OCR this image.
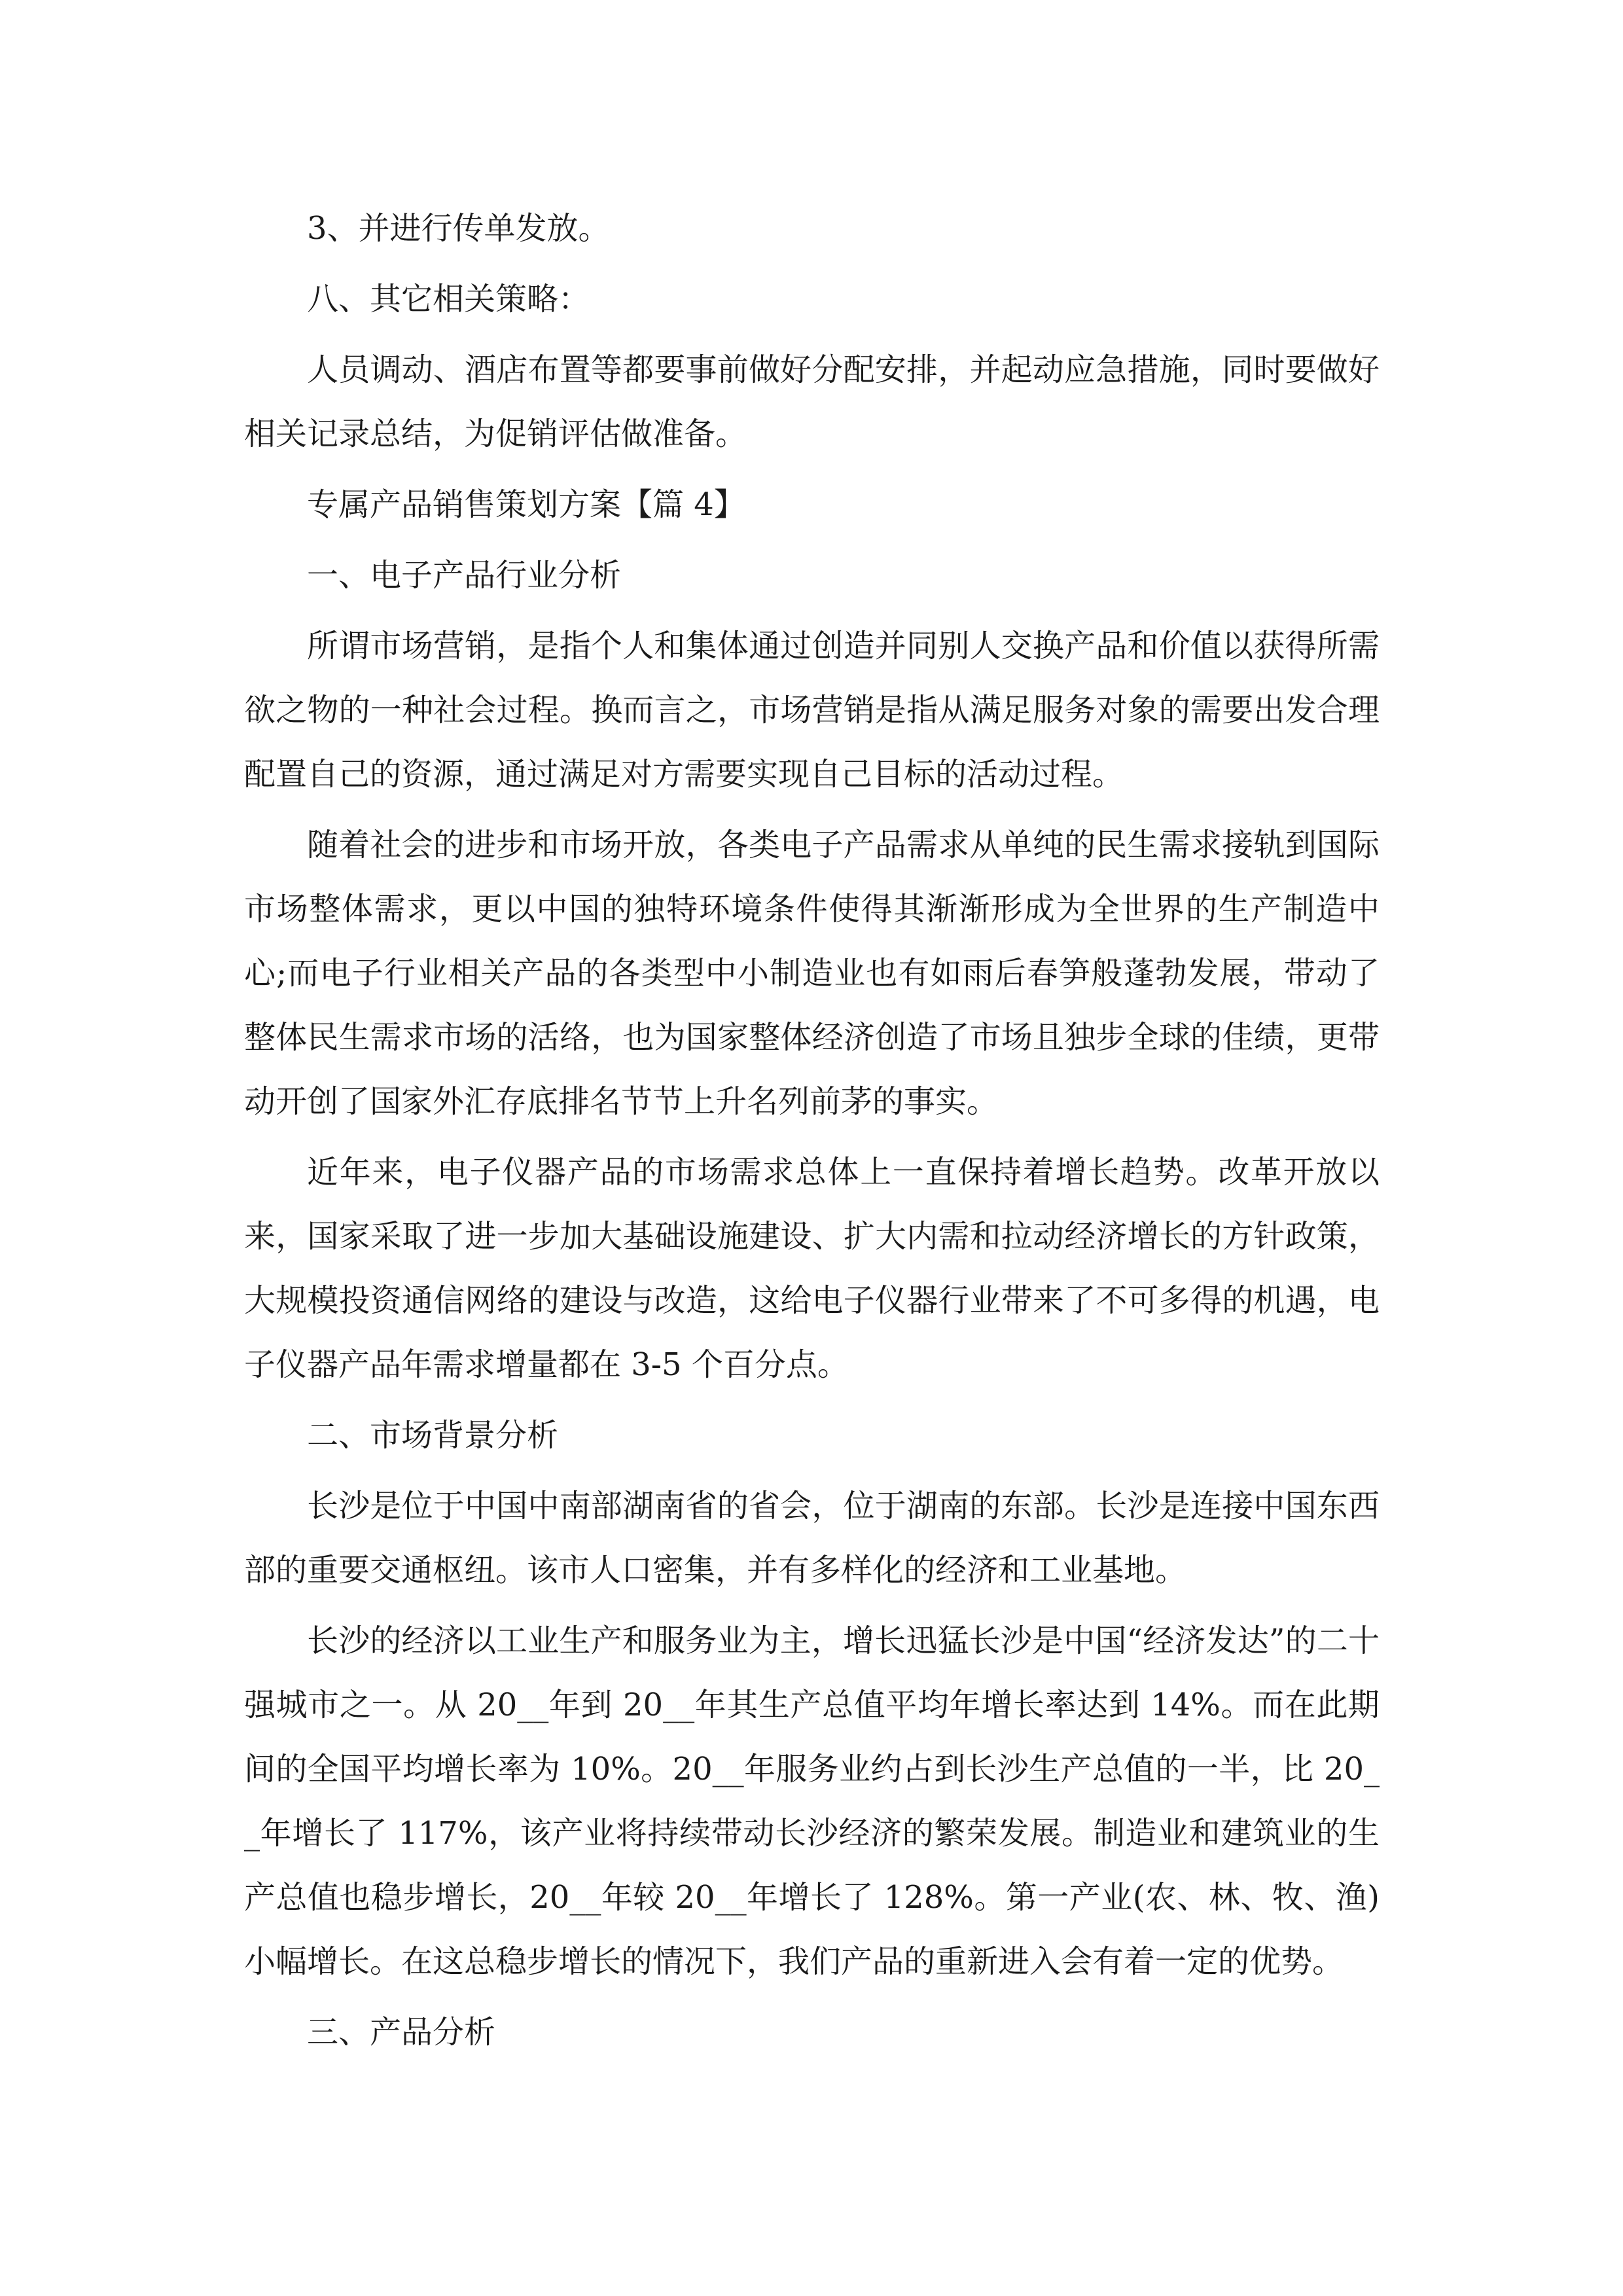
3、并进行传单发放。

八、其它相关策略：

人员调动、酒店布置等都要事前做好分配安排，并起动应急措施，同时要做好相关记录总结，为促销评估做准备。

专属产品销售策划方案【篇 4】

一、电子产品行业分析

所谓市场营销，是指个人和集体通过创造并同别人交换产品和价值以获得所需欲之物的一种社会过程。换而言之，市场营销是指从满足服务对象的需要出发合理配置自己的资源，通过满足对方需要实现自己目标的活动过程。

随着社会的进步和市场开放，各类电子产品需求从单纯的民生需求接轨到国际市场整体需求，更以中国的独特环境条件使得其渐渐形成为全世界的生产制造中心;而电子行业相关产品的各类型中小制造业也有如雨后春笋般蓬勃发展，带动了整体民生需求市场的活络，也为国家整体经济创造了市场且独步全球的佳绩，更带动开创了国家外汇存底排名节节上升名列前茅的事实。

近年来，电子仪器产品的市场需求总体上一直保持着增长趋势。改革开放以来，国家采取了进一步加大基础设施建设、扩大内需和拉动经济增长的方针政策，大规模投资通信网络的建设与改造，这给电子仪器行业带来了不可多得的机遇，电子仪器产品年需求增量都在 3-5 个百分点。

二、市场背景分析

长沙是位于中国中南部湖南省的省会，位于湖南的东部。长沙是连接中国东西部的重要交通枢纽。该市人口密集，并有多样化的经济和工业基地。

长沙的经济以工业生产和服务业为主，增长迅猛长沙是中国“经济发达”的二十强城市之一。从 20__年到 20__年其生产总值平均年增长率达到 14%。而在此期间的全国平均增长率为 10%。20__年服务业约占到长沙生产总值的一半，比 20__年增长了 117%，该产业将持续带动长沙经济的繁荣发展。制造业和建筑业的生产总值也稳步增长，20__年较 20__年增长了 128%。第一产业(农、林、牧、渔)小幅增长。在这总稳步增长的情况下，我们产品的重新进入会有着一定的优势。

三、产品分析
